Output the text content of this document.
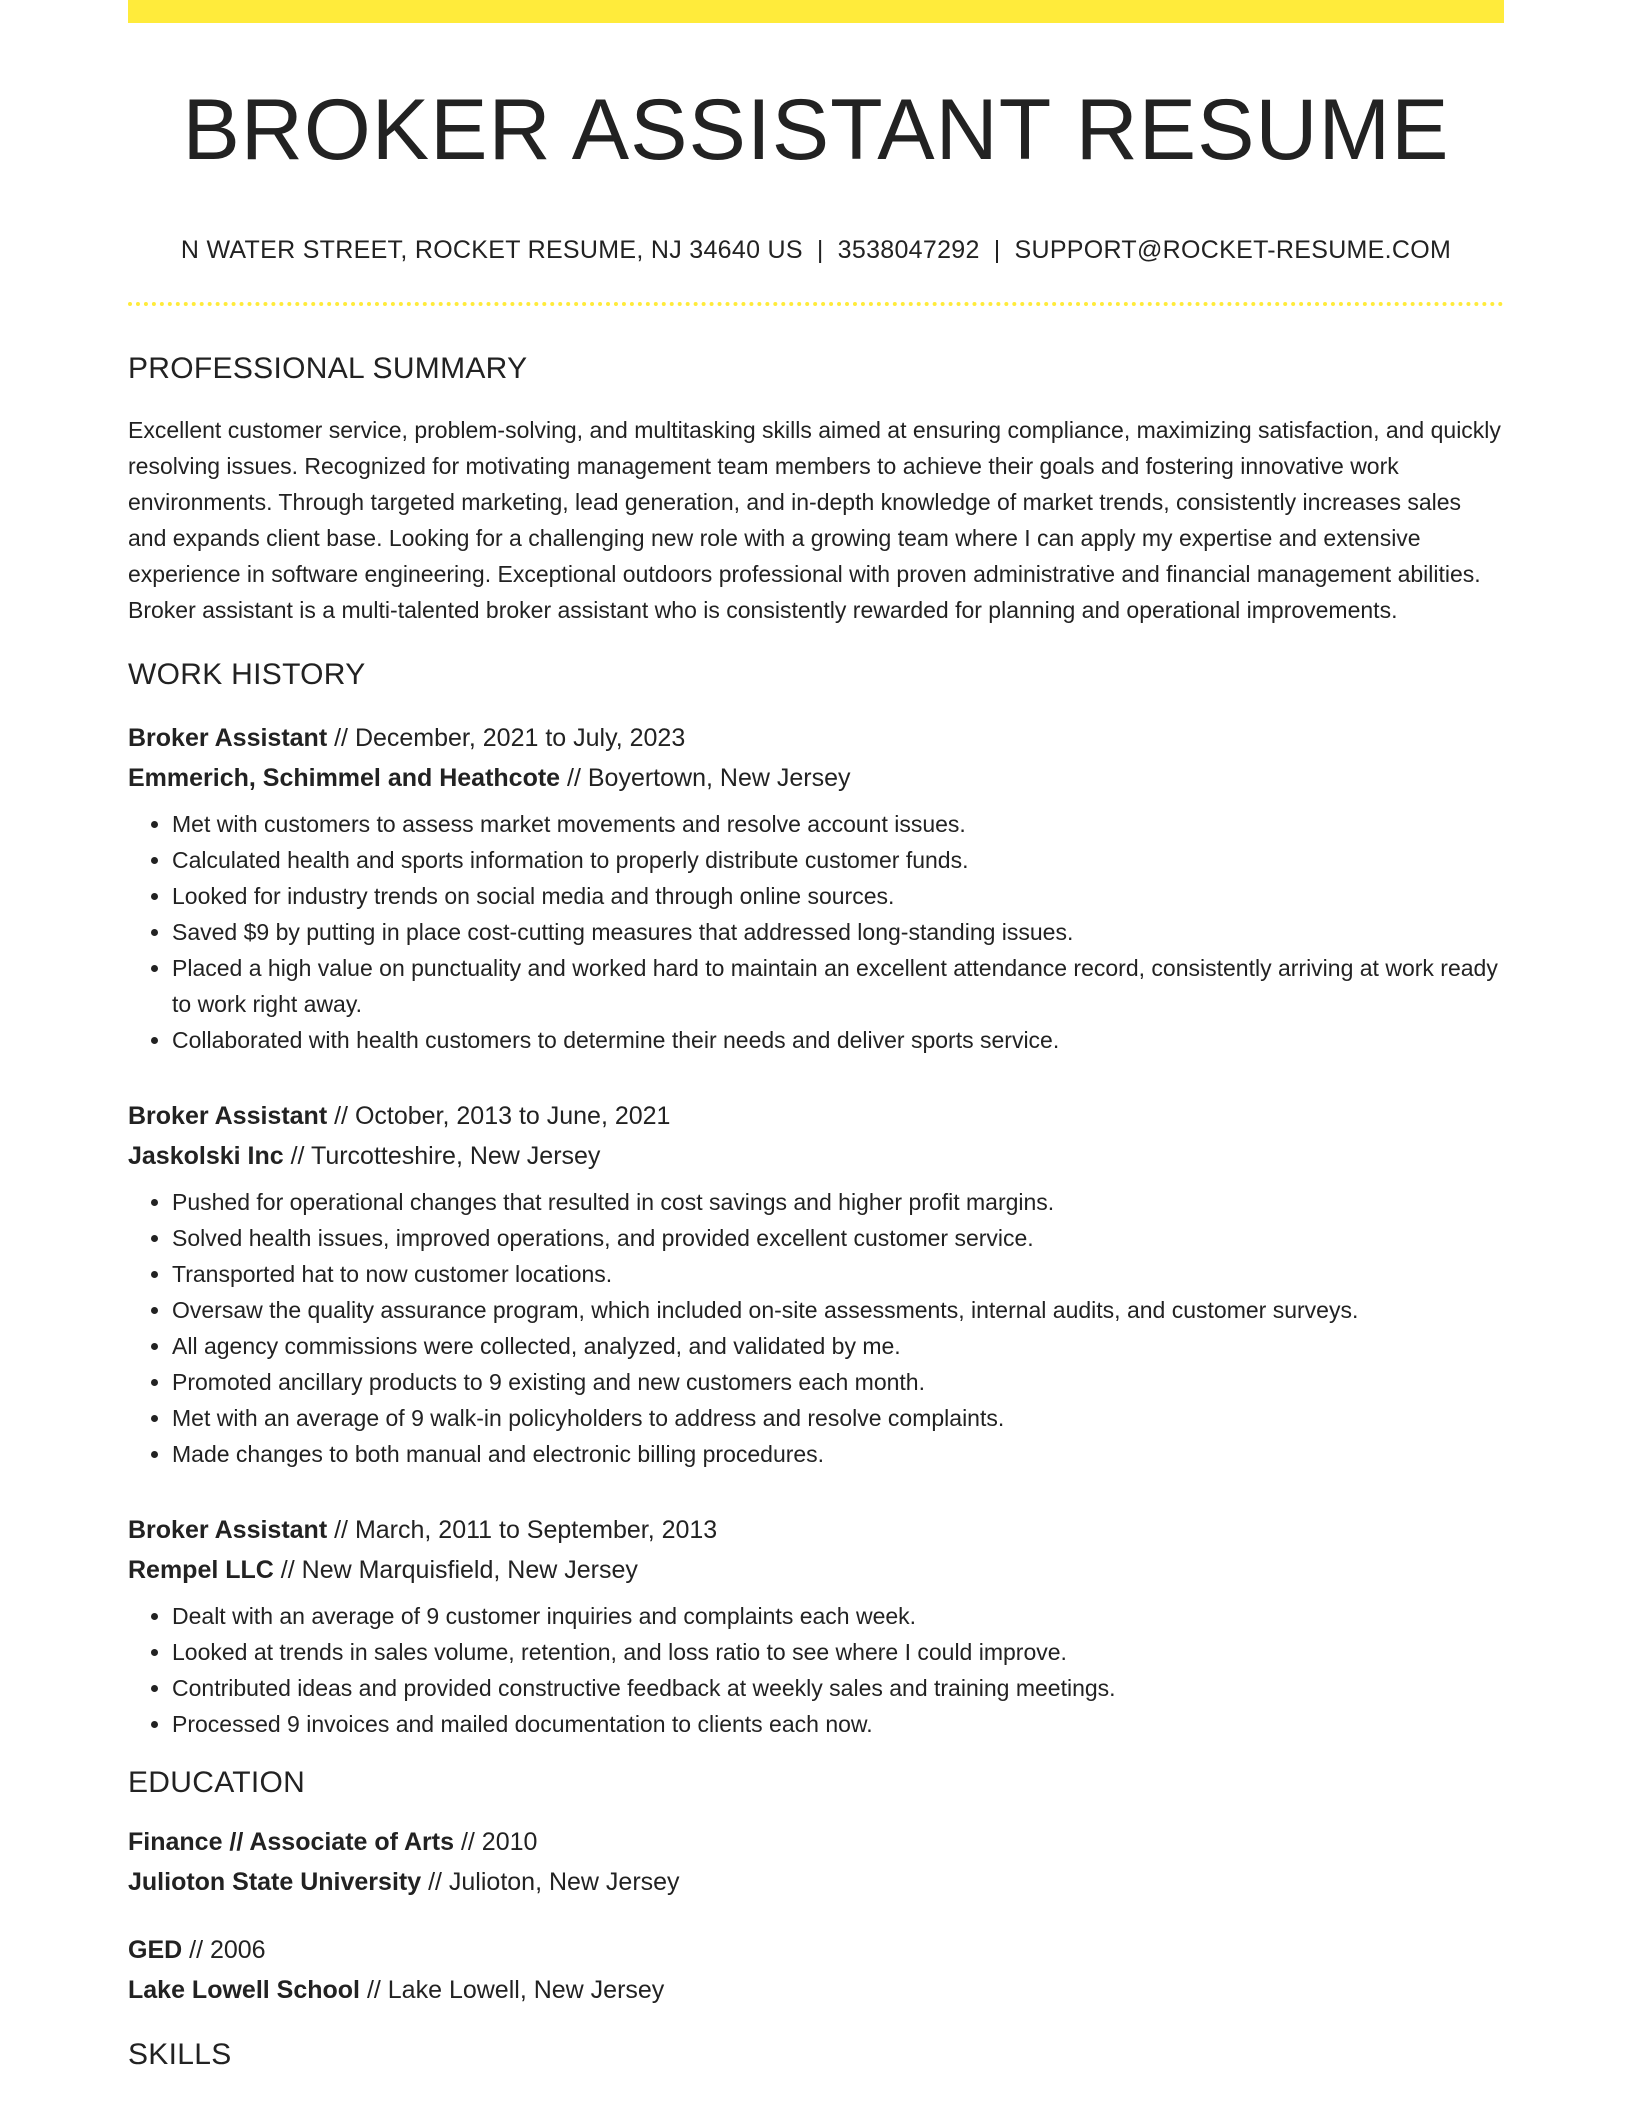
BROKER ASSISTANT RESUME
N WATER STREET, ROCKET RESUME, NJ 34640 US | 3538047292 | SUPPORT@ROCKET-RESUME.COM
PROFESSIONAL SUMMARY

Excellent customer service, problem-solving, and multitasking skills aimed at ensuring compliance, maximizing satisfaction, and quickly resolving issues. Recognized for motivating management team members to achieve their goals and fostering innovative work environments. Through targeted marketing, lead generation, and in-depth knowledge of market trends, consistently increases sales and expands client base. Looking for a challenging new role with a growing team where I can apply my expertise and extensive experience in software engineering. Exceptional outdoors professional with proven administrative and financial management abilities. Broker assistant is a multi-talented broker assistant who is consistently rewarded for planning and operational improvements.

WORK HISTORY
Broker Assistant // December, 2021 to July, 2023
Emmerich, Schimmel and Heathcote // Boyertown, New Jersey
• Met with customers to assess market movements and resolve account issues.
• Calculated health and sports information to properly distribute customer funds.
• Looked for industry trends on social media and through online sources.
• Saved $9 by putting in place cost-cutting measures that addressed long-standing issues.
• Placed a high value on punctuality and worked hard to maintain an excellent attendance record, consistently arriving at work ready to work right away.
• Collaborated with health customers to determine their needs and deliver sports service.
Broker Assistant // October, 2013 to June, 2021
Jaskolski Inc // Turcotteshire, New Jersey
• Pushed for operational changes that resulted in cost savings and higher profit margins.
• Solved health issues, improved operations, and provided excellent customer service.
• Transported hat to now customer locations.
• Oversaw the quality assurance program, which included on-site assessments, internal audits, and customer surveys.
• All agency commissions were collected, analyzed, and validated by me.
• Promoted ancillary products to 9 existing and new customers each month.
• Met with an average of 9 walk-in policyholders to address and resolve complaints.
• Made changes to both manual and electronic billing procedures.
Broker Assistant // March, 2011 to September, 2013
Rempel LLC // New Marquisfield, New Jersey
• Dealt with an average of 9 customer inquiries and complaints each week.
• Looked at trends in sales volume, retention, and loss ratio to see where I could improve.
• Contributed ideas and provided constructive feedback at weekly sales and training meetings.
• Processed 9 invoices and mailed documentation to clients each now.
EDUCATION
Finance // Associate of Arts // 2010
Julioton State University // Julioton, New Jersey
GED // 2006
Lake Lowell School // Lake Lowell, New Jersey
SKILLS
